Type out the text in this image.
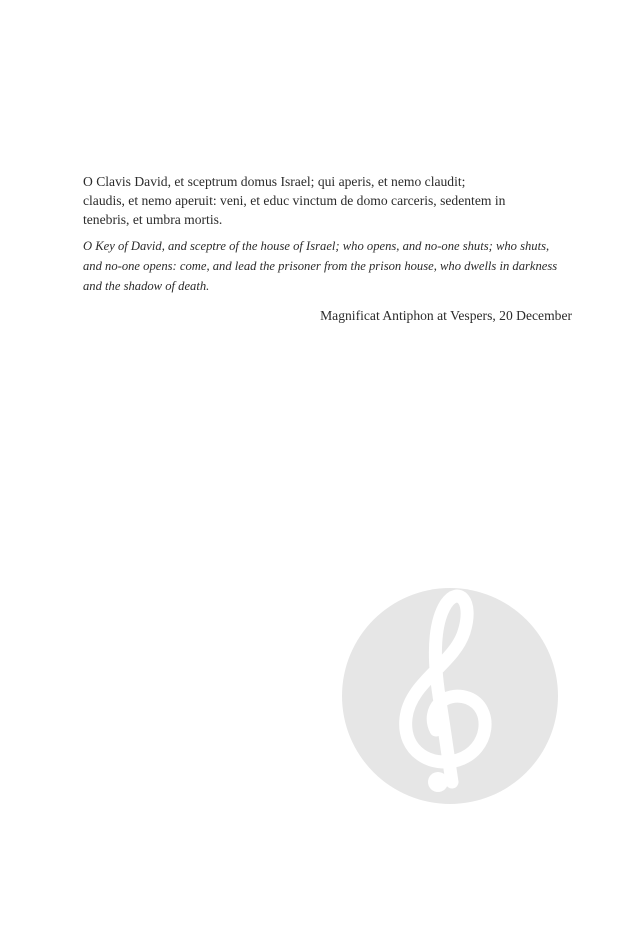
O Clavis David, et sceptrum domus Israel; qui aperis, et nemo claudit;

claudis, et nemo aperuit: veni, et educ vinctum de domo carceris, sedentem in

tenebris, et umbra mortis.

O Key of David, and sceptre of the house of Israel; who opens, and no-one shuts; who shuts,

and no-one opens: come, and lead the prisoner from the prison house, who dwells in darkness

and the shadow of death.

Magnificat Antiphon at Vespers, 20 December
alle-noten.de
